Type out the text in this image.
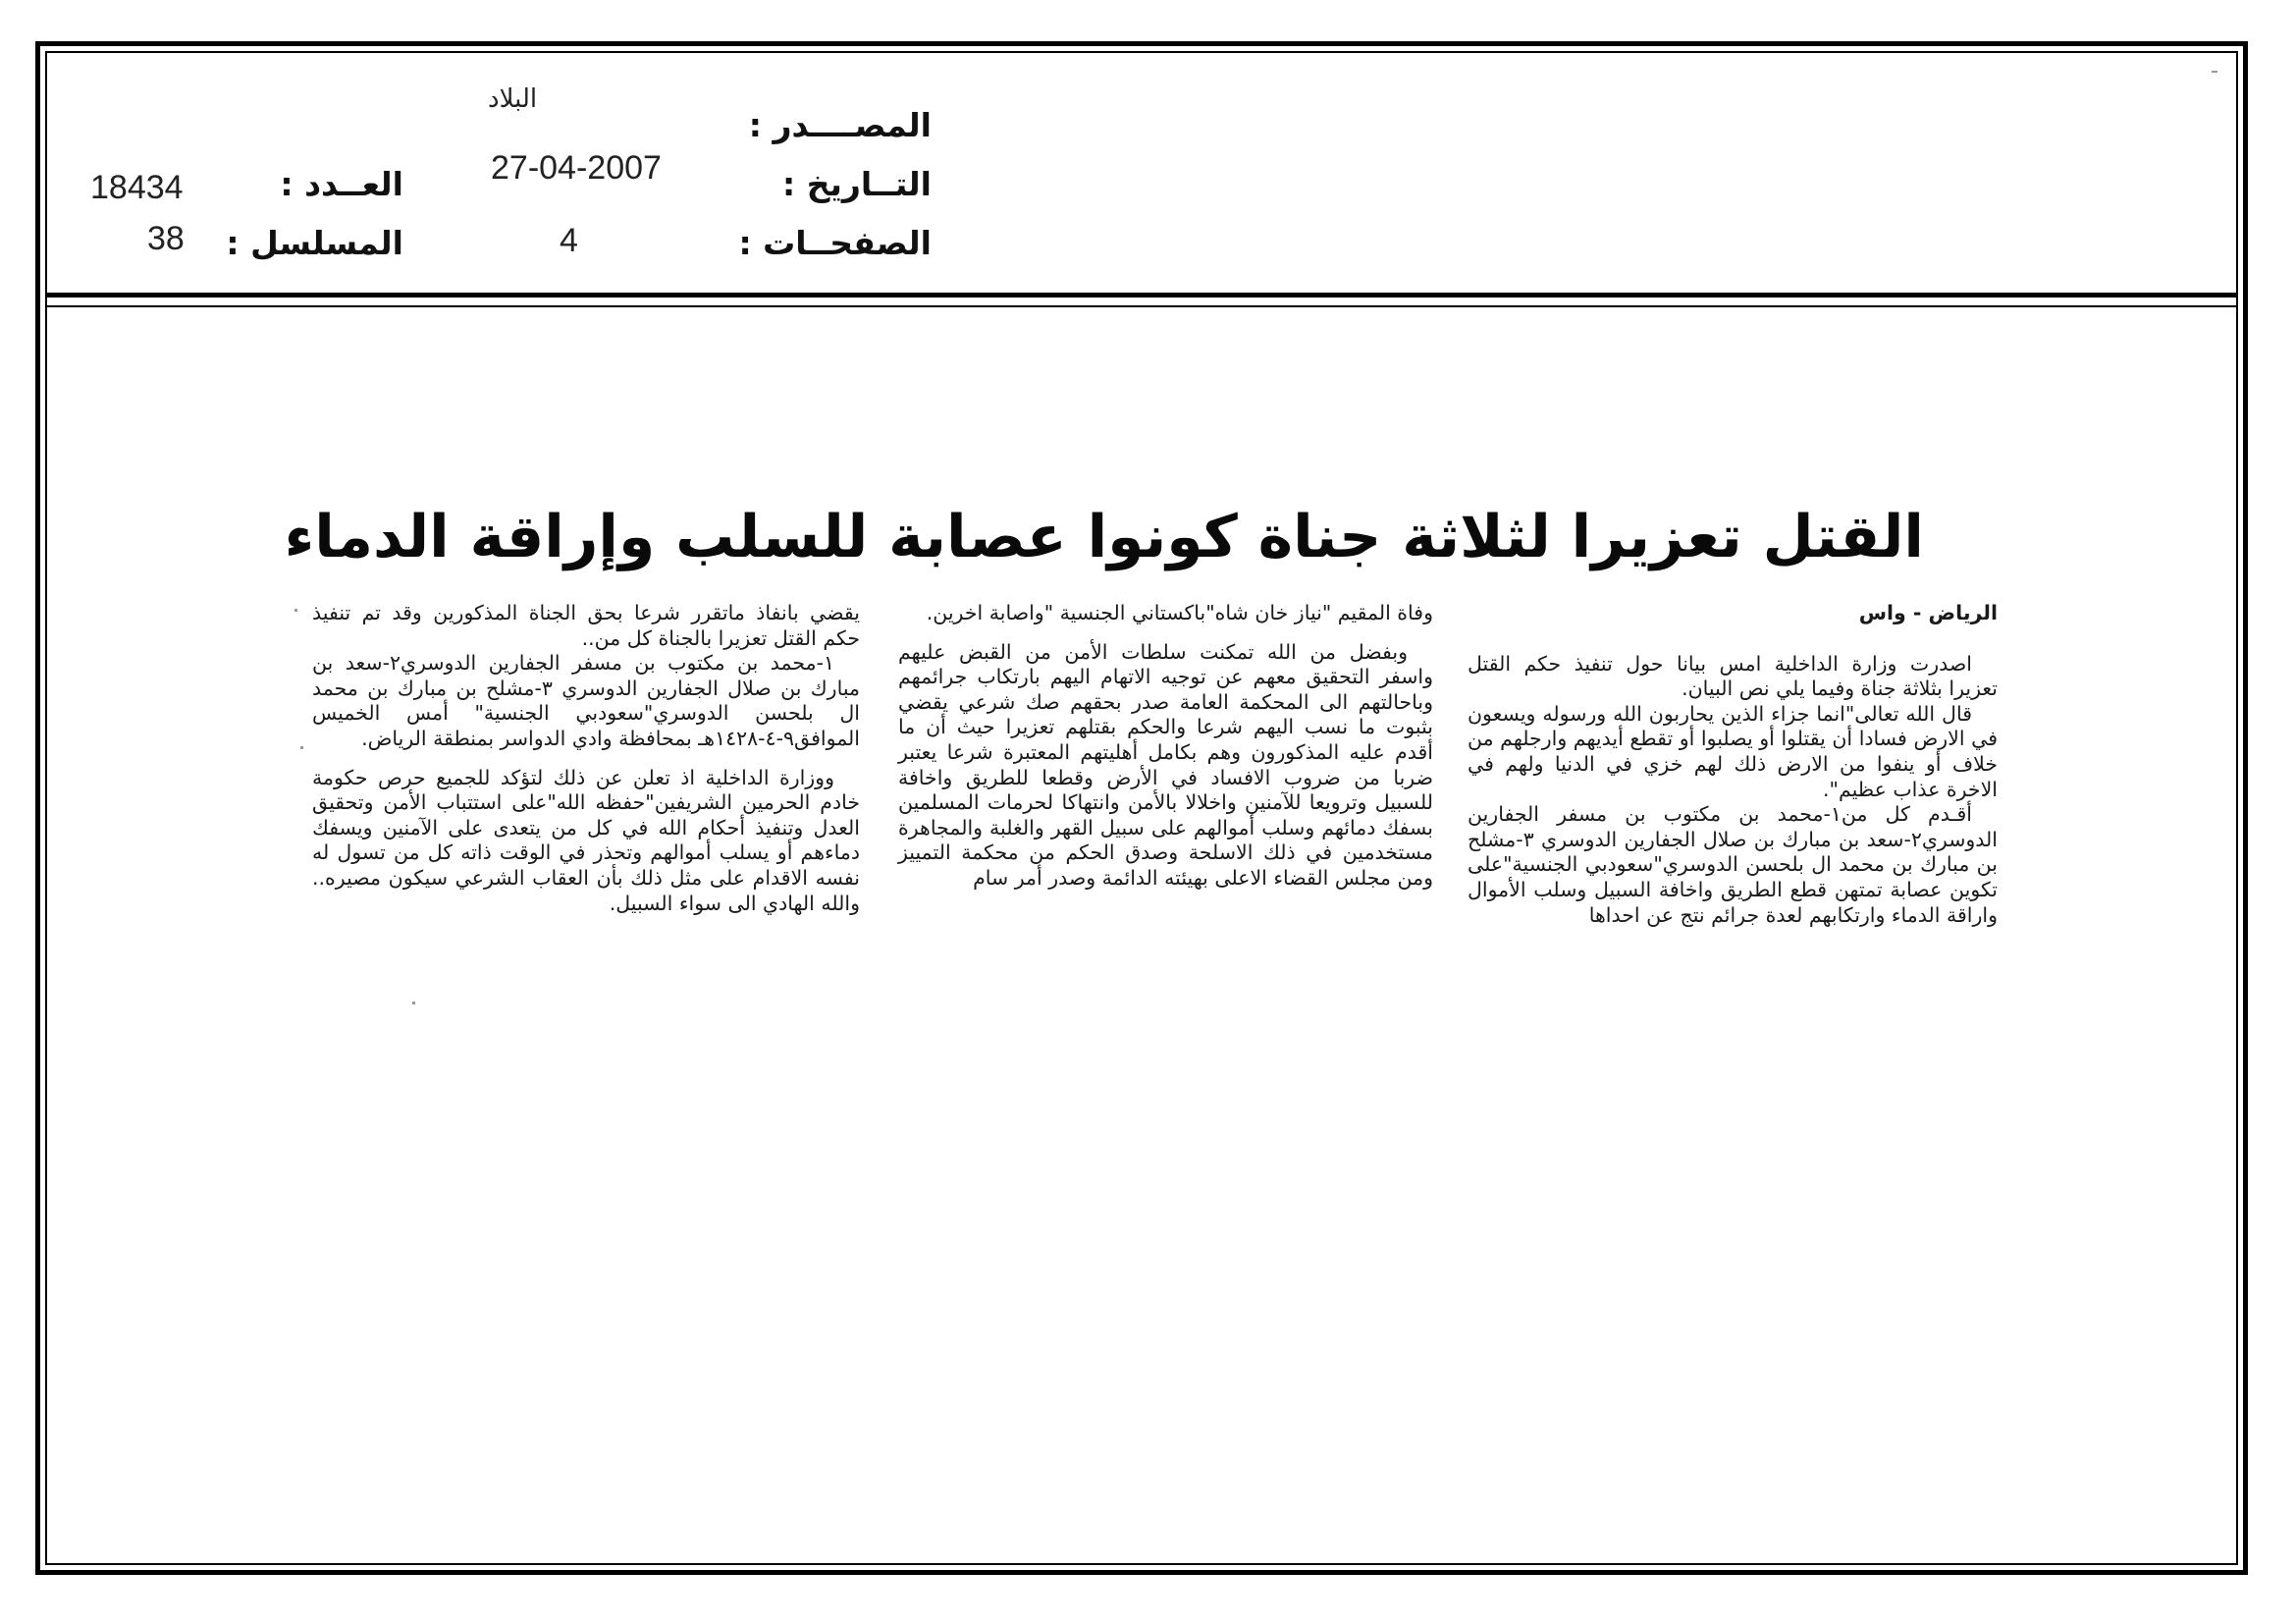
المصــــدر :
البلاد
التــاريخ :
27-04-2007
الصفحــات :
4
العــدد :
18434
المسلسل :
38
القتل تعزيرا لثلاثة جناة كونوا عصابة للسلب وإراقة الدماء

الرياض - واس

اصدرت وزارة الداخلية امس بيانا حول تنفيذ حكم القتل تعزيرا بثلاثة جناة وفيما يلي نص البيان.

قال الله تعالى"انما جزاء الذين يحاربون الله ورسوله ويسعون في الارض فسادا أن يقتلوا أو يصلبوا أو تقطع أيديهم وارجلهم من خلاف أو ينفوا من الارض ذلك لهم خزي في الدنيا ولهم في الاخرة عذاب عظيم".

أقـدم كل من١-محمد بن مكتوب بن مسفر الجفارين الدوسري٢-سعد بن مبارك بن صلال الجفارين الدوسري ٣-مشلح بن مبارك بن محمد ال بلحسن الدوسري"سعودبي الجنسية"على تكوين عصابة تمتهن قطع الطريق واخافة السبيل وسلب الأموال واراقة الدماء وارتكابهم لعدة جرائم نتج عن احداها

وفاة المقيم "نياز خان شاه"باكستاني الجنسية "واصابة اخرين.

وبفضل من الله تمكنت سلطات الأمن من القبض عليهم واسفر التحقيق معهم عن توجيه الاتهام اليهم بارتكاب جرائمهم وباحالتهم الى المحكمة العامة صدر بحقهم صك شرعي يقضي بثبوت ما نسب اليهم شرعا والحكم بقتلهم تعزيرا حيث أن ما أقدم عليه المذكورون وهم بكامل أهليتهم المعتبرة شرعا يعتبر ضربا من ضروب الافساد في الأرض وقطعا للطريق واخافة للسبيل وترويعا للآمنين واخلالا بالأمن وانتهاكا لحرمات المسلمين بسفك دمائهم وسلب أموالهم على سبيل القهر والغلبة والمجاهرة مستخدمين في ذلك الاسلحة وصدق الحكم من محكمة التمييز ومن مجلس القضاء الاعلى بهيئته الدائمة وصدر أمر سام

يقضي بانفاذ ماتقرر شرعا بحق الجناة المذكورين وقد تم تنفيذ حكم القتل تعزيرا بالجناة كل من..

١-محمد بن مكتوب بن مسفر الجفارين الدوسري٢-سعد بن مبارك بن صلال الجفارين الدوسري ٣-مشلح بن مبارك بن محمد ال بلحسن الدوسري"سعودبي الجنسية" أمس الخميس الموافق٩-٤-١٤٢٨هـ بمحافظة وادي الدواسر بمنطقة الرياض.

ووزارة الداخلية اذ تعلن عن ذلك لتؤكد للجميع حرص حكومة خادم الحرمين الشريفين"حفظه الله"على استتباب الأمن وتحقيق العدل وتنفيذ أحكام الله في كل من يتعدى على الآمنين ويسفك دماءهم أو يسلب أموالهم وتحذر في الوقت ذاته كل من تسول له نفسه الاقدام على مثل ذلك بأن العقاب الشرعي سيكون مصيره.. والله الهادي الى سواء السبيل.
